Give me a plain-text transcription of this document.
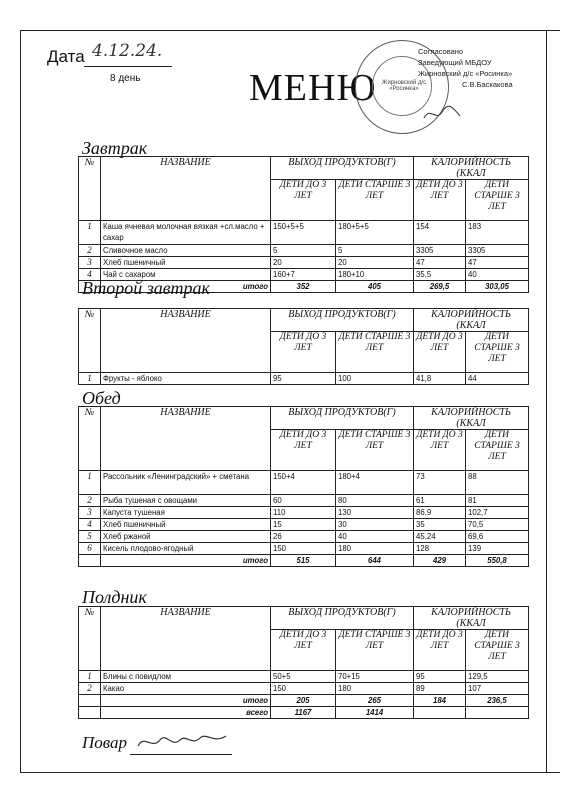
Дата 4.12.24.
8 день	МЕНЮ Жирновский д/с «Росинка»
Согласовано
Заведующий МБДОУ
Жирновский д/с «Росинка»
С.В.Баскакова
Завтрак
№	НАЗВАНИЕ	ВЫХОД ПРОДУКТОВ(Г)		КАЛОРИЙНОСТЬ (ККАЛ	
		ДЕТИ ДО 3 ЛЕТ	ДЕТИ СТАРШЕ 3 ЛЕТ	ДЕТИ ДО 3 ЛЕТ	ДЕТИ СТАРШЕ 3 ЛЕТ
1	Каша ячневая молочная вязкая +сл.масло + сахар	150+5+5	180+5+5	154	183
2	Сливочное масло	5	5	3305	3305
3	Хлеб пшеничный	20	20	47	47
4	Чай с сахаром	160+7	180+10	35,5	40
	итого	352	405	269,5	303,05
Второй завтрак
№	НАЗВАНИЕ	ВЫХОД ПРОДУКТОВ(Г)		КАЛОРИЙНОСТЬ (ККАЛ	
		ДЕТИ ДО 3 ЛЕТ	ДЕТИ СТАРШЕ 3 ЛЕТ	ДЕТИ ДО 3 ЛЕТ	ДЕТИ СТАРШЕ 3 ЛЕТ
1	Фрукты - яблоко	95	100	41,8	44
Обед
№	НАЗВАНИЕ	ВЫХОД ПРОДУКТОВ(Г)		КАЛОРИЙНОСТЬ (ККАЛ	
		ДЕТИ ДО 3 ЛЕТ	ДЕТИ СТАРШЕ 3 ЛЕТ	ДЕТИ ДО 3 ЛЕТ	ДЕТИ СТАРШЕ 3 ЛЕТ
1	Рассольник «Ленинградский» + сметана	150+4	180+4	73	88
2	Рыба тушеная с овощами	60	80	61	81
3	Капуста тушеная	110	130	86,9	102,7
4	Хлеб пшеничный	15	30	35	70,5
5	Хлеб ржаной	26	40	45,24	69,6
6	Кисель плодово-ягодный	150	180	128	139
	итого	515	644	429	550,8
Полдник
№	НАЗВАНИЕ	ВЫХОД ПРОДУКТОВ(Г)		КАЛОРИЙНОСТЬ (ККАЛ	
		ДЕТИ ДО 3 ЛЕТ	ДЕТИ СТАРШЕ 3 ЛЕТ	ДЕТИ ДО 3 ЛЕТ	ДЕТИ СТАРШЕ 3 ЛЕТ
1	Блины с повидлом	50+5	70+15	95	129,5
2	Какао	150	180	89	107
	итого	205	265	184	236,5
	всего	1167	1414		
Повар
